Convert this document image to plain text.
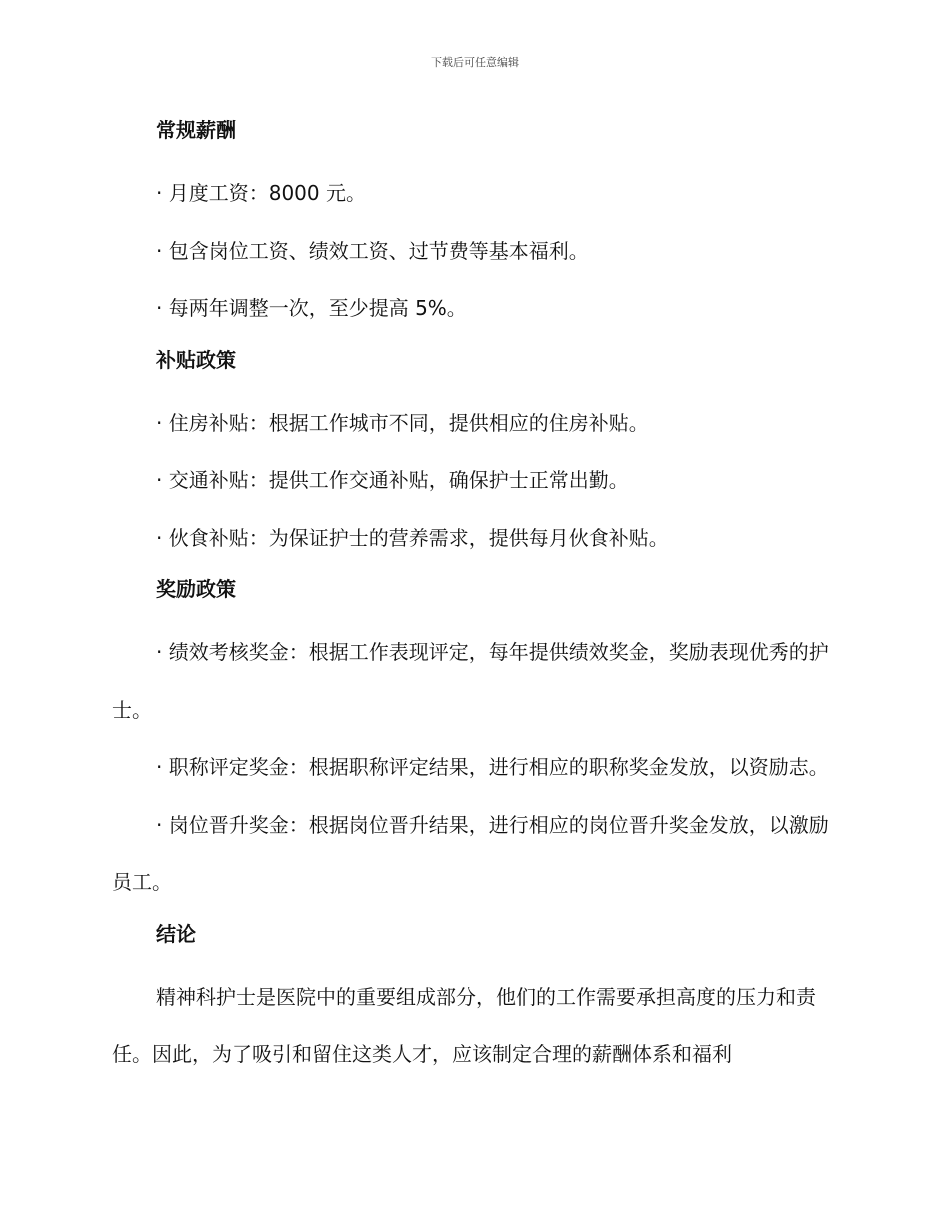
下载后可任意编辑
常规薪酬

· 月度工资：8000 元。

· 包含岗位工资、绩效工资、过节费等基本福利。

· 每两年调整一次，至少提高 5%。

补贴政策

· 住房补贴：根据工作城市不同，提供相应的住房补贴。

· 交通补贴：提供工作交通补贴，确保护士正常出勤。

· 伙食补贴：为保证护士的营养需求，提供每月伙食补贴。

奖励政策

· 绩效考核奖金：根据工作表现评定，每年提供绩效奖金，奖励表现优秀的护士。

· 职称评定奖金：根据职称评定结果，进行相应的职称奖金发放，以资励志。

· 岗位晋升奖金：根据岗位晋升结果，进行相应的岗位晋升奖金发放，以激励员工。

结论

精神科护士是医院中的重要组成部分，他们的工作需要承担高度的压力和责任。因此，为了吸引和留住这类人才，应该制定合理的薪酬体系和福利
